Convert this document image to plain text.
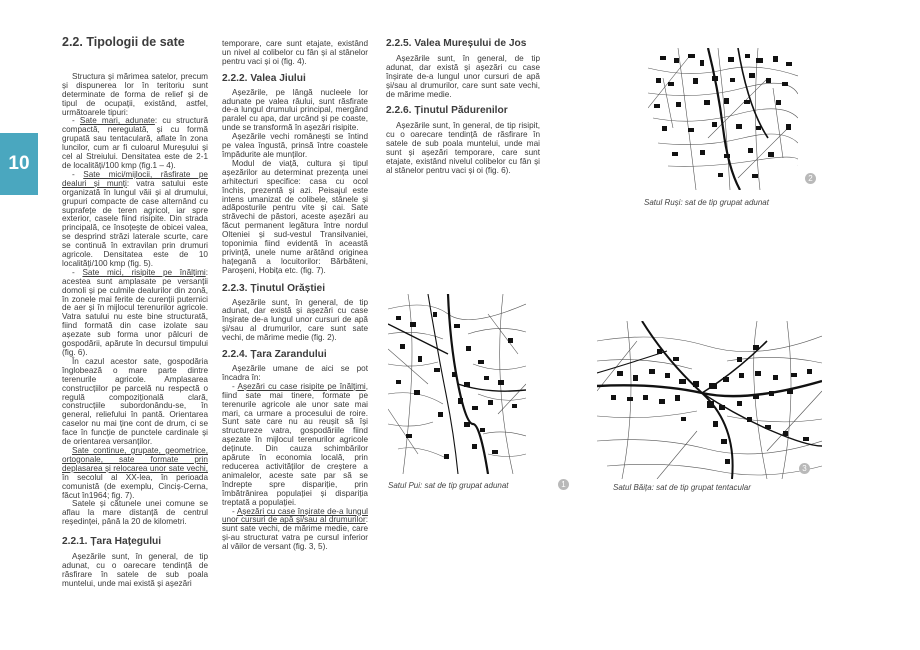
10
2.2. Tipologii de sate

Structura și mărimea satelor, precum și dispunerea lor în teritoriu sunt determinate de forma de relief și de tipul de ocupații, existând, astfel, următoarele tipuri:

- Sate mari, adunate: cu structură compactă, neregulată, și cu formă grupată sau tentaculară, aflate în zona luncilor, cum ar fi culoarul Mureșului și cel al Streiului. Densitatea este de 2-1 de localități/100 kmp (fig.1 – 4).

- Sate mici/mijlocii, răsfirate pe dealuri și munți: vatra satului este organizată în lungul văii și al drumului, grupuri compacte de case alternând cu suprafețe de teren agricol, iar spre exterior, casele fiind risipite. Din strada principală, ce însoțește de obicei valea, se desprind străzi laterale scurte, care se continuă în extravilan prin drumuri agricole. Densitatea este de 10 localități/100 kmp (fig. 5).

- Sate mici, risipite pe înălțimi: acestea sunt amplasate pe versanții domoli și pe culmile dealurilor din zonă, în zonele mai ferite de curenții puternici de aer și în mijlocul terenurilor agricole. Vatra satului nu este bine structurată, fiind formată din case izolate sau așezate sub forma unor pâlcuri de gospodării, apărute în decursul timpului (fig. 6).

În cazul acestor sate, gospodăria înglobează o mare parte dintre terenurile agricole. Amplasarea construcțiilor pe parcelă nu respectă o regulă compozițională clară, construcțiile subordonându-se, în general, reliefului în pantă. Orientarea caselor nu mai ține cont de drum, ci se face în funcție de punctele cardinale și de orientarea versanților.

Sate continue, grupate, geometrice, ortogonale, sate formate prin deplasarea și relocarea unor sate vechi, în secolul al XX-lea, în perioada comunistă (de exemplu, Cinciș-Cerna, făcut în1964; fig. 7).

Satele și cătunele unei comune se aflau la mare distanță de centrul reședinței, până la 20 de kilometri.

2.2.1. Țara Hațegului

Așezările sunt, în general, de tip adunat, cu o oarecare tendință de răsfirare în satele de sub poala muntelui, unde mai există și așezări

temporare, care sunt etajate, existând un nivel al colibelor cu fân și al stânelor pentru vaci și oi (fig. 4).

2.2.2. Valea Jiului

Așezările, pe lângă nucleele lor adunate pe valea râului, sunt răsfirate de-a lungul drumului principal, mergând paralel cu apa, dar urcând și pe coaste, unde se transformă în așezări risipite.

Așezările vechi românești se întind pe valea îngustă, prinsă între coastele împădurite ale munților.

Modul de viață, cultura și tipul așezărilor au determinat prezența unei arhitecturi specifice: casa cu ocol închis, prezentă și azi. Peisajul este intens umanizat de colibele, stânele și adăposturile pentru vite și cai. Sate străvechi de păstori, aceste așezări au făcut permanent legătura între nordul Olteniei și sud-vestul Transilvaniei, toponimia fiind evidentă în această privință, unele nume arătând originea hațegană a locuitorilor: Bărbăteni, Paroșeni, Hobița etc. (fig. 7).

2.2.3. Ținutul Orăștiei

Așezările sunt, în general, de tip adunat, dar există și așezări cu case înșirate de-a lungul unor cursuri de apă și/sau al drumurilor, care sunt sate vechi, de mărime medie (fig. 2).

2.2.4. Țara Zarandului

Așezările umane de aici se pot încadra în:

- Așezări cu case risipite pe înălțimi, fiind sate mai tinere, formate pe terenurile agricole ale unor sate mai mari, ca urmare a procesului de roire. Sunt sate care nu au reușit să își structureze vatra, gospodăriile fiind așezate în mijlocul terenurilor agricole deținute. Din cauza schimbărilor apărute în economia locală, prin reducerea activităților de creștere a animalelor, aceste sate par să se îndrepte spre dispariție, prin îmbătrânirea populației și dispariția treptată a populației.

- Așezări cu case înșirate de-a lungul unor cursuri de apă și/sau al drumurilor: sunt sate vechi, de mărime medie, care și-au structurat vatra pe cursul inferior al văilor de versant (fig. 3, 5).

2.2.5. Valea Mureșului de Jos

Așezările sunt, în general, de tip adunat, dar există și așezări cu case înșirate de-a lungul unor cursuri de apă și/sau al drumurilor, care sunt sate vechi, de mărime medie.

2.2.6. Ținutul Pădurenilor

Așezările sunt, în general, de tip risipit, cu o oarecare tendință de răsfirare în satele de sub poala muntelui, unde mai sunt și așezări temporare, care sunt etajate, existând nivelul colibelor cu fân și al stânelor pentru vaci și oi (fig. 6).

2
Satul Ruși: sat de tip grupat adunat
Satul Pui: sat de tip grupat adunat	1	Satul Băița: sat de tip grupat tentacular
3
